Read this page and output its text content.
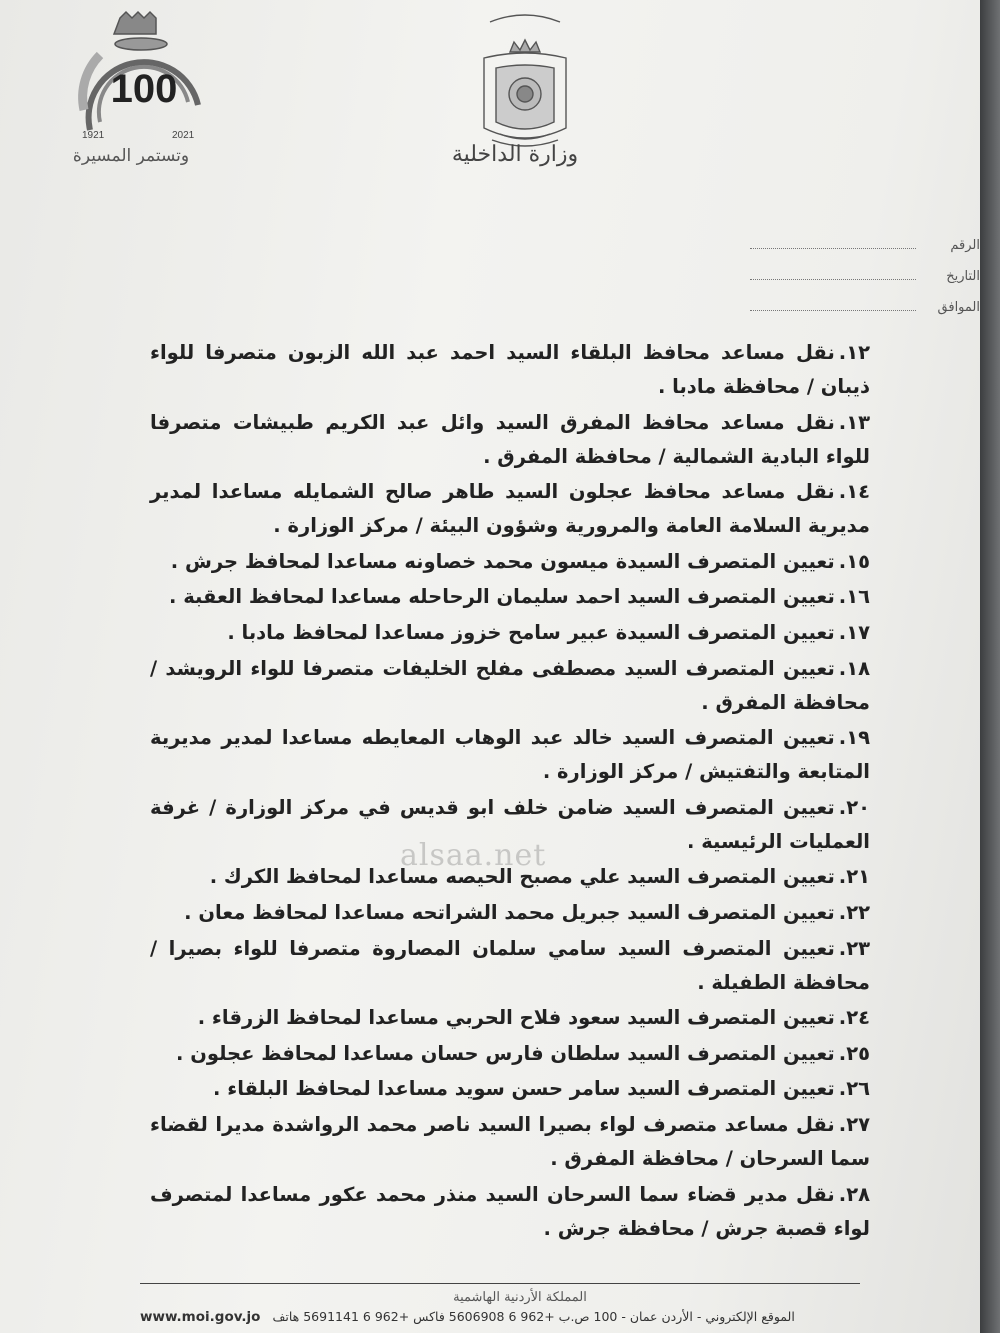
100
1921	2021
وتستمر المسيرة	وزارة الداخلية
الرقم
التاريخ
الموافق

١٢.نقل مساعد محافظ البلقاء السيد احمد عبد الله الزبون متصرفا للواء ذيبان / محافظة مادبا .

١٣.نقل مساعد محافظ المفرق السيد وائل عبد الكريم طبيشات متصرفا للواء البادية الشمالية / محافظة المفرق .

١٤.نقل مساعد محافظ عجلون السيد طاهر صالح الشمايله مساعدا لمدير مديرية السلامة العامة والمرورية وشؤون البيئة / مركز الوزارة .

١٥.تعيين المتصرف السيدة ميسون محمد خصاونه مساعدا لمحافظ جرش .

١٦.تعيين المتصرف السيد احمد سليمان الرحاحله مساعدا لمحافظ العقبة .

١٧.تعيين المتصرف السيدة عبير سامح خزوز مساعدا لمحافظ مادبا .

١٨.تعيين المتصرف السيد مصطفى مفلح الخليفات متصرفا للواء الرويشد / محافظة المفرق .

١٩.تعيين المتصرف السيد خالد عبد الوهاب المعايطه مساعدا لمدير مديرية المتابعة والتفتيش / مركز الوزارة .

٢٠.تعيين المتصرف السيد ضامن خلف ابو قديس في مركز الوزارة / غرفة العمليات الرئيسية .

٢١.تعيين المتصرف السيد علي مصبح الحيصه مساعدا لمحافظ الكرك .

٢٢.تعيين المتصرف السيد جبريل محمد الشراتحه مساعدا لمحافظ معان .

٢٣.تعيين المتصرف السيد سامي سلمان المصاروة متصرفا للواء بصيرا / محافظة الطفيلة .

٢٤.تعيين المتصرف السيد سعود فلاح الحربي مساعدا لمحافظ الزرقاء .

٢٥.تعيين المتصرف السيد سلطان فارس حسان مساعدا لمحافظ عجلون .

٢٦.تعيين المتصرف السيد سامر حسن سويد مساعدا لمحافظ البلقاء .

٢٧.نقل مساعد متصرف لواء بصيرا السيد ناصر محمد الرواشدة مديرا لقضاء سما السرحان / محافظة المفرق .

٢٨.نقل مدير قضاء سما السرحان السيد منذر محمد عكور مساعدا لمتصرف لواء قصبة جرش / محافظة جرش .

alsaa.net
المملكة الأردنية الهاشمية
www.moi.gov.jo الموقع الإلكتروني - الأردن عمان - 100 ص.ب +962 6 5606908 فاكس +962 6 5691141 هاتف
